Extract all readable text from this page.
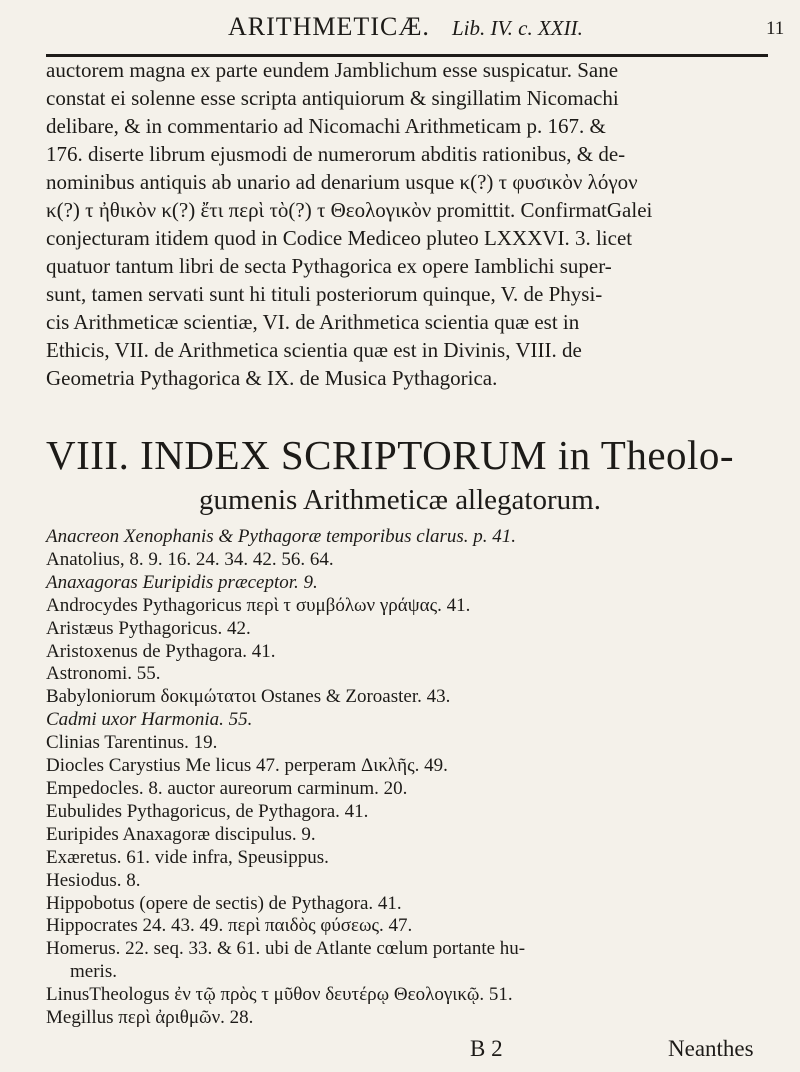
ARITHMETICÆ. Lib. IV. c. XXII.	11
auctorem magna ex parte eundem Jamblichum esse suspicatur. Sane
constat ei solenne esse scripta antiquiorum & singillatim Nicomachi
delibare, & in commentario ad Nicomachi Arithmeticam p. 167. &
176. diserte librum ejusmodi de numerorum abditis rationibus, & de-
nominibus antiquis ab unario ad denarium usque κ(?) τ φυσικὸν λόγον
κ(?) τ ἠθικὸν κ(?) ἔτι περὶ τὸ(?) τ Θεολογικὸν promittit. ConfirmatGalei
conjecturam itidem quod in Codice Mediceo pluteo LXXXVI. 3. licet
quatuor tantum libri de secta Pythagorica ex opere Iamblichi super-
sunt, tamen servati sunt hi tituli posteriorum quinque, V. de Physi-
cis Arithmeticæ scientiæ, VI. de Arithmetica scientia quæ est in
Ethicis, VII. de Arithmetica scientia quæ est in Divinis, VIII. de
Geometria Pythagorica & IX. de Musica Pythagorica.
VIII. INDEX SCRIPTORUM in Theolo-
gumenis Arithmeticæ allegatorum.
Anacreon Xenophanis & Pythagoræ temporibus clarus. p. 41.
Anatolius, 8. 9. 16. 24. 34. 42. 56. 64.
Anaxagoras Euripidis præceptor. 9.
Androcydes Pythagoricus περὶ τ συμβόλων γράψας. 41.
Aristæus Pythagoricus. 42.
Aristoxenus de Pythagora. 41.
Astronomi. 55.
Babyloniorum δοκιμώτατοι Ostanes & Zoroaster. 43.
Cadmi uxor Harmonia. 55.
Clinias Tarentinus. 19.
Diocles Carystius Me licus 47. perperam Δικλῆς. 49.
Empedocles. 8. auctor aureorum carminum. 20.
Eubulides Pythagoricus, de Pythagora. 41.
Euripides Anaxagoræ discipulus. 9.
Exæretus. 61. vide infra, Speusippus.
Hesiodus. 8.
Hippobotus (opere de sectis) de Pythagora. 41.
Hippocrates 24. 43. 49. περὶ παιδὸς φύσεως. 47.
Homerus. 22. seq. 33. & 61. ubi de Atlante cœlum portante hu-
meris.
LinusTheologus ἐν τῷ πρὸς τ μῦθον δευτέρῳ Θεολογικῷ. 51.
Megillus περὶ ἀριθμῶν. 28.
B 2	Neanthes
